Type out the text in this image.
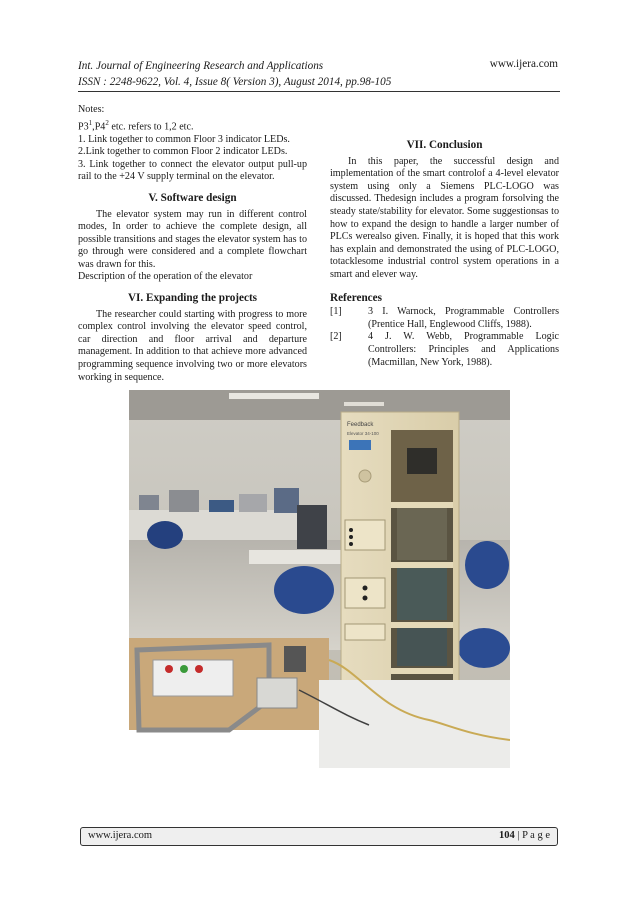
Int. Journal of Engineering Research and Applications
ISSN : 2248-9622, Vol. 4, Issue 8( Version 3), August 2014, pp.98-105
www.ijera.com

Notes:

$P3^1,P4^2$ etc. refers to 1,2 etc.

1. Link together to common Floor 3 indicator LEDs.

2.Link together to common Floor 2 indicator LEDs.

3. Link together to connect the elevator output pull-up rail to the +24 V supply terminal on the elevator.

V. Software design

The elevator system may run in different control modes, In order to achieve the complete design, all possible transitions and stages the elevator system has to go through were considered and a complete flowchart was drawn for this.

Description of the operation of the elevator

VI. Expanding the projects

The researcher could starting with progress to more complex control involving the elevator speed control, car direction and floor arrival and departure management. In addition to that achieve more advanced programming sequence involving two or more elevators working in sequence.

VII. Conclusion

In this paper, the successful design and implementation of the smart controlof a 4-level elevator system using only a Siemens PLC-LOGO was discussed. Thedesign includes a program forsolving the steady state/stability for elevator. Some suggestionsas to how to expand the design to handle a larger number of PLCs werealso given. Finally, it is hoped that this work has explain and demonstrated the using of PLC-LOGO, totacklesome industrial control system operations in a smart and elever way.

References
[1]	3 I. Warnock, Programmable Controllers (Prentice Hall, Englewood Cliffs, 1988).
[2]	4 J. W. Webb, Programmable Logic Controllers: Principles and Applications (Macmillan, New York, 1988).
Feedback
Elevator 34-100
www.ijera.com	104 | P a g e
